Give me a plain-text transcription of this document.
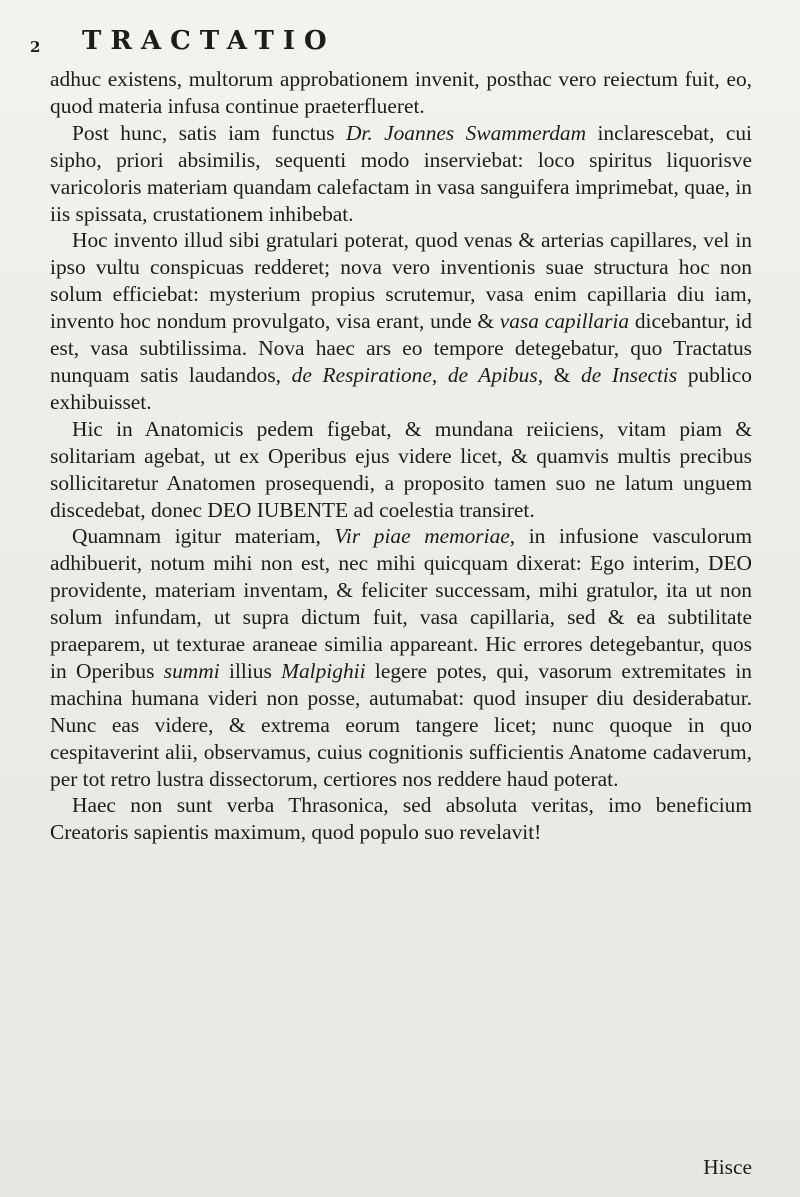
2 TRACTATIO

adhuc existens, multorum approbationem invenit, posthac vero reiectum fuit, eo, quod materia infusa continue praeterflueret.

Post hunc, satis iam functus Dr. Joannes Swammerdam inclarescebat, cui sipho, priori absimilis, sequenti modo inserviebat: loco spiritus liquorisve varicoloris materiam quandam calefactam in vasa sanguifera imprimebat, quae, in iis spissata, crustationem inhibebat.

Hoc invento illud sibi gratulari poterat, quod venas & arterias capillares, vel in ipso vultu conspicuas redderet; nova vero inventionis suae structura hoc non solum efficiebat: mysterium propius scrutemur, vasa enim capillaria diu iam, invento hoc nondum provulgato, visa erant, unde & vasa capillaria dicebantur, id est, vasa subtilissima. Nova haec ars eo tempore detegebatur, quo Tractatus nunquam satis laudandos, de Respiratione, de Apibus, & de Insectis publico exhibuisset.

Hic in Anatomicis pedem figebat, & mundana reiiciens, vitam piam & solitariam agebat, ut ex Operibus ejus videre licet, & quamvis multis precibus sollicitaretur Anatomen prosequendi, a proposito tamen suo ne latum unguem discedebat, donec DEO IUBENTE ad coelestia transiret.

Quamnam igitur materiam, Vir piae memoriae, in infusione vasculorum adhibuerit, notum mihi non est, nec mihi quicquam dixerat: Ego interim, DEO providente, materiam inventam, & feliciter successam, mihi gratulor, ita ut non solum infundam, ut supra dictum fuit, vasa capillaria, sed & ea subtilitate praeparem, ut texturae araneae similia appareant. Hic errores detegebantur, quos in Operibus summi illius Malpighii legere potes, qui, vasorum extremitates in machina humana videri non posse, autumabat: quod insuper diu desiderabatur. Nunc eas videre, & extrema eorum tangere licet; nunc quoque in quo cespitaverint alii, observamus, cuius cognitionis sufficientis Anatome cadaverum, per tot retro lustra dissectorum, certiores nos reddere haud poterat.

Haec non sunt verba Thrasonica, sed absoluta veritas, imo beneficium Creatoris sapientis maximum, quod populo suo revelavit!

Hisce
